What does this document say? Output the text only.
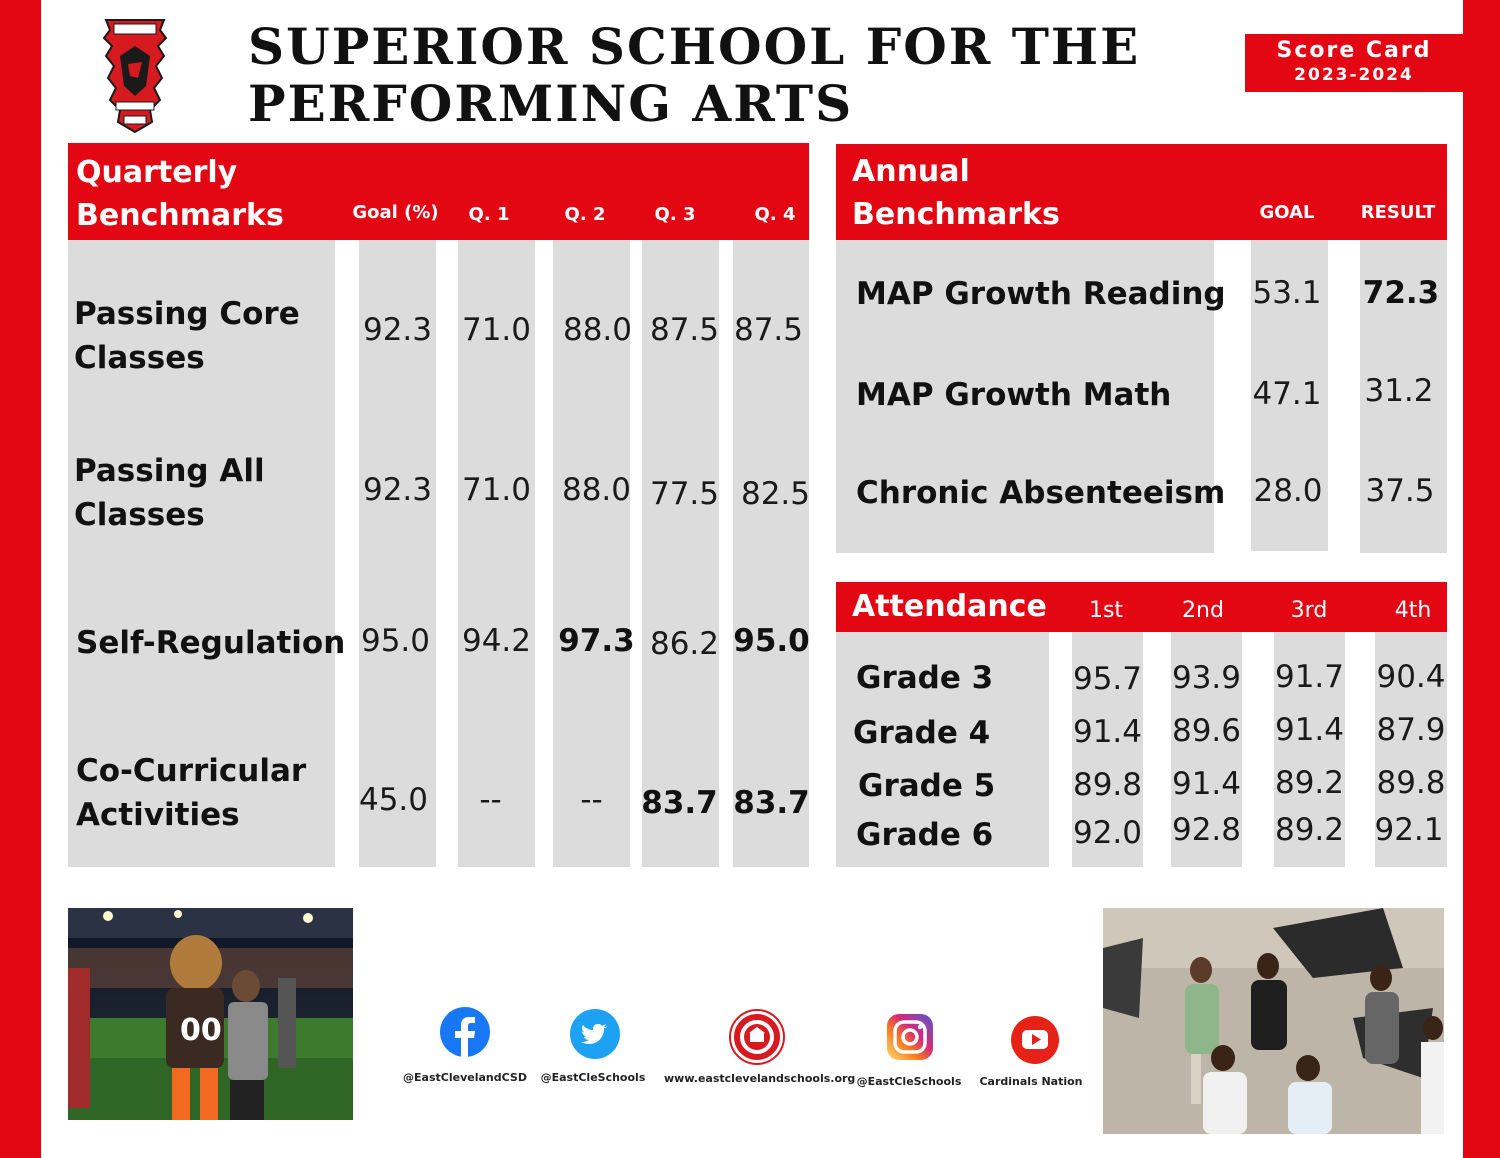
SUPERIOR SCHOOL FOR THE
PERFORMING ARTS
Score Card
2023-2024
Quarterly
Benchmarks	Goal (%)	Q. 1	Q. 2	Q. 3	Q. 4
Passing Core
Classes
92.3 71.0 88.0 87.5 87.5
Passing All
Classes
92.3 71.0 88.0 77.5 82.5
Self-Regulation 95.0 94.2 97.3 86.2 95.0
Co-Curricular
Activities	45.0	--	--	83.7 83.7
Annual
Benchmarks	GOAL	RESULT
MAP Growth Reading 53.1 72.3
MAP Growth Math	47.1 31.2
Chronic Absenteeism 28.0 37.5
Attendance	1st	2nd	3rd	4th
Grade 3	95.7 93.9 91.7 90.4
Grade 4	91.4 89.6 91.4 87.9
Grade 5	89.8 91.4 89.2 89.8
Grade 6	92.0 92.8 89.2 92.1
00
@EastClevelandCSD	@EastCleSchools	www.eastclevelandschools.org @EastCleSchools	Cardinals Nation
